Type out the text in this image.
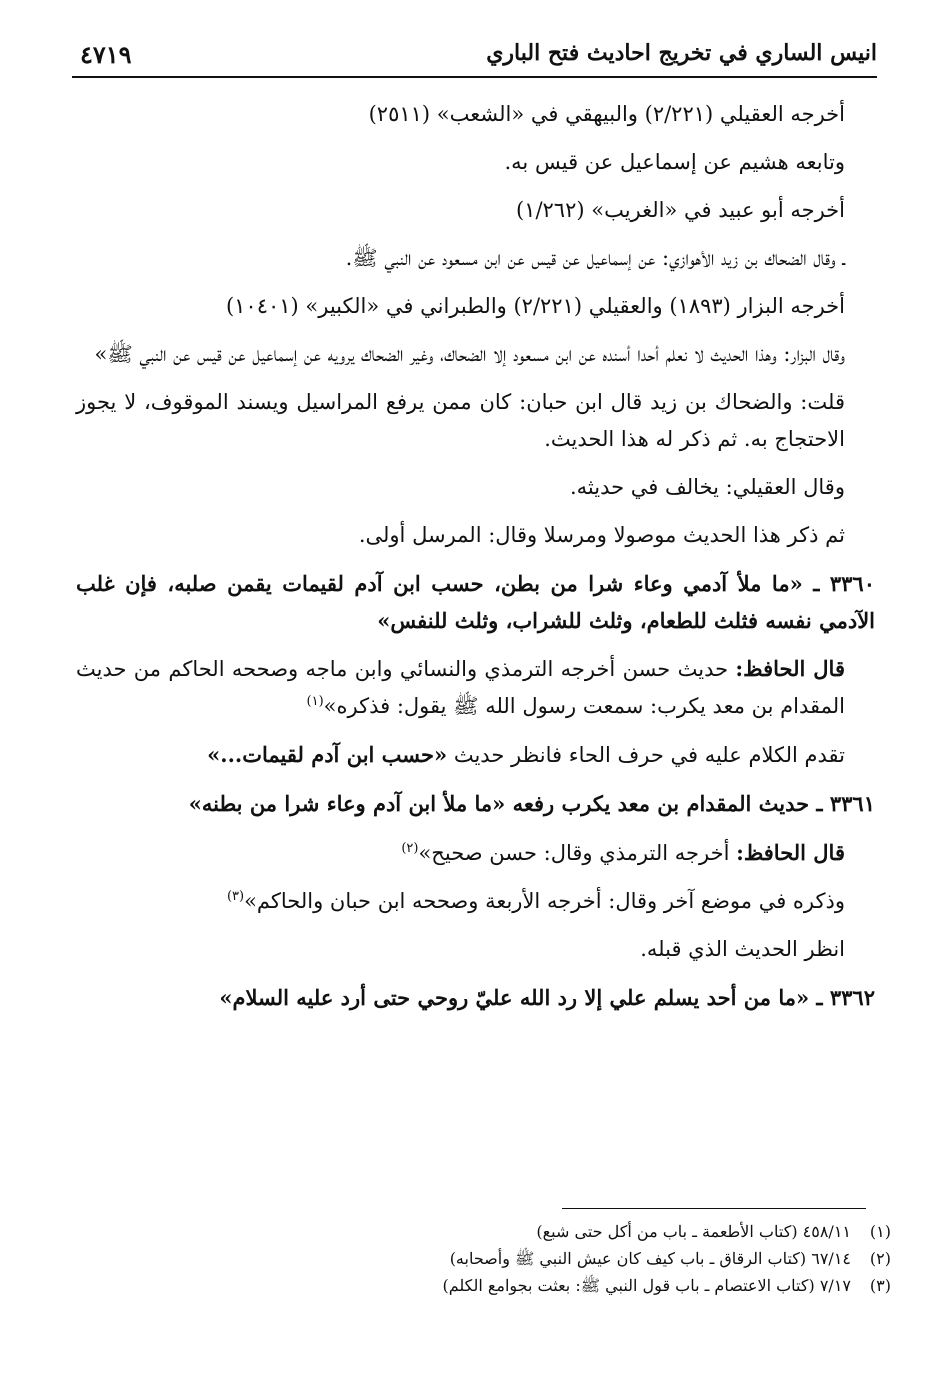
انيس الساري في تخريج احاديث فتح الباري
٤٧١٩

أخرجه العقيلي (٢/٢٢١) والبيهقي في «الشعب» (٢٥١١)

وتابعه هشيم عن إسماعيل عن قيس به.

أخرجه أبو عبيد في «الغريب» (١/٢٦٢)

ـ وقال الضحاك بن زيد الأهوازي: عن إسماعيل عن قيس عن ابن مسعود عن النبي ﷺ.

أخرجه البزار (١٨٩٣) والعقيلي (٢/٢٢١) والطبراني في «الكبير» (١٠٤٠١)

وقال البزار: وهذا الحديث لا نعلم أحدا أسنده عن ابن مسعود إلا الضحاك، وغير الضحاك يرويه عن إسماعيل عن قيس عن النبي ﷺ»

قلت: والضحاك بن زيد قال ابن حبان: كان ممن يرفع المراسيل ويسند الموقوف، لا يجوز الاحتجاج به. ثم ذكر له هذا الحديث.

وقال العقيلي: يخالف في حديثه.

ثم ذكر هذا الحديث موصولا ومرسلا وقال: المرسل أولى.

٣٣٦٠ ـ «ما ملأ آدمي وعاء شرا من بطن، حسب ابن آدم لقيمات يقمن صلبه، فإن غلب الآدمي نفسه فثلث للطعام، وثلث للشراب، وثلث للنفس»

قال الحافظ: حديث حسن أخرجه الترمذي والنسائي وابن ماجه وصححه الحاكم من حديث المقدام بن معد يكرب: سمعت رسول الله ﷺ يقول: فذكره»$^{(١)}$

تقدم الكلام عليه في حرف الحاء فانظر حديث «حسب ابن آدم لقيمات...»

٣٣٦١ ـ حديث المقدام بن معد يكرب رفعه «ما ملأ ابن آدم وعاء شرا من بطنه»

قال الحافظ: أخرجه الترمذي وقال: حسن صحيح»$^{(٢)}$

وذكره في موضع آخر وقال: أخرجه الأربعة وصححه ابن حبان والحاكم»$^{(٣)}$

انظر الحديث الذي قبله.

٣٣٦٢ ـ «ما من أحد يسلم علي إلا رد الله عليّ روحي حتى أرد عليه السلام»

(١)٤٥٨/١١ (كتاب الأطعمة ـ باب من أكل حتى شبع)
(٢)٦٧/١٤ (كتاب الرقاق ـ باب كيف كان عيش النبي ﷺ وأصحابه)
(٣)٧/١٧ (كتاب الاعتصام ـ باب قول النبي ﷺ: بعثت بجوامع الكلم)
